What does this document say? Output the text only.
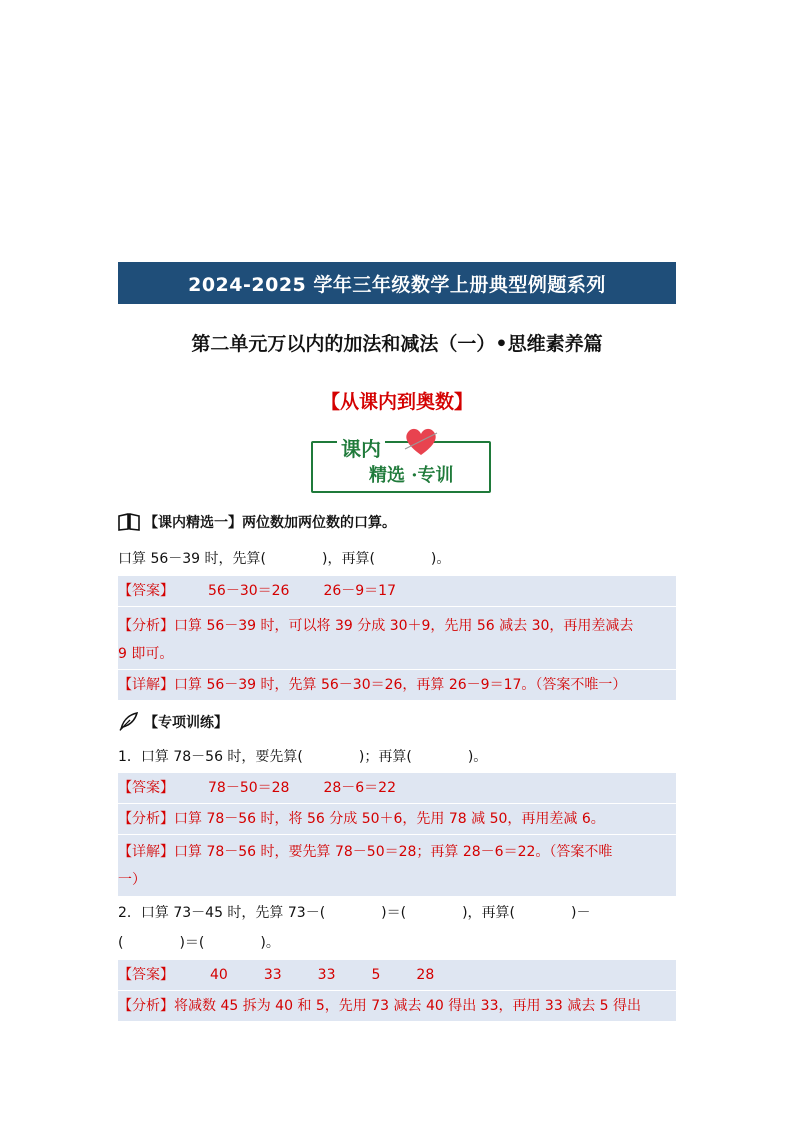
2024-2025 学年三年级数学上册典型例题系列
第二单元万以内的加法和减法（一）•思维素养篇
【从课内到奥数】
课内
精选 ·专训
【课内精选一】两位数加两位数的口算。
口算 56－39 时，先算(　　　　)，再算(　　　　)。
【答案】 56－30＝26 26－9＝17
【分析】口算 56－39 时，可以将 39 分成 30＋9，先用 56 减去 30，再用差减去
9 即可。
【详解】口算 56－39 时，先算 56－30＝26，再算 26－9＝17。（答案不唯一）
【专项训练】
1．口算 78－56 时，要先算(　　　　)；再算(　　　　)。
【答案】 78－50＝28 28－6＝22
【分析】口算 78－56 时，将 56 分成 50＋6，先用 78 减 50，再用差减 6。
【详解】口算 78－56 时，要先算 78－50＝28；再算 28－6＝22。（答案不唯
一）
2．口算 73－45 时，先算 73－(　　　　)＝(　　　　)，再算(　　　　)－
(　　　　)＝(　　　　)。
【答案】	40	33	33	5	28
【分析】将减数 45 拆为 40 和 5，先用 73 减去 40 得出 33，再用 33 减去 5 得出
